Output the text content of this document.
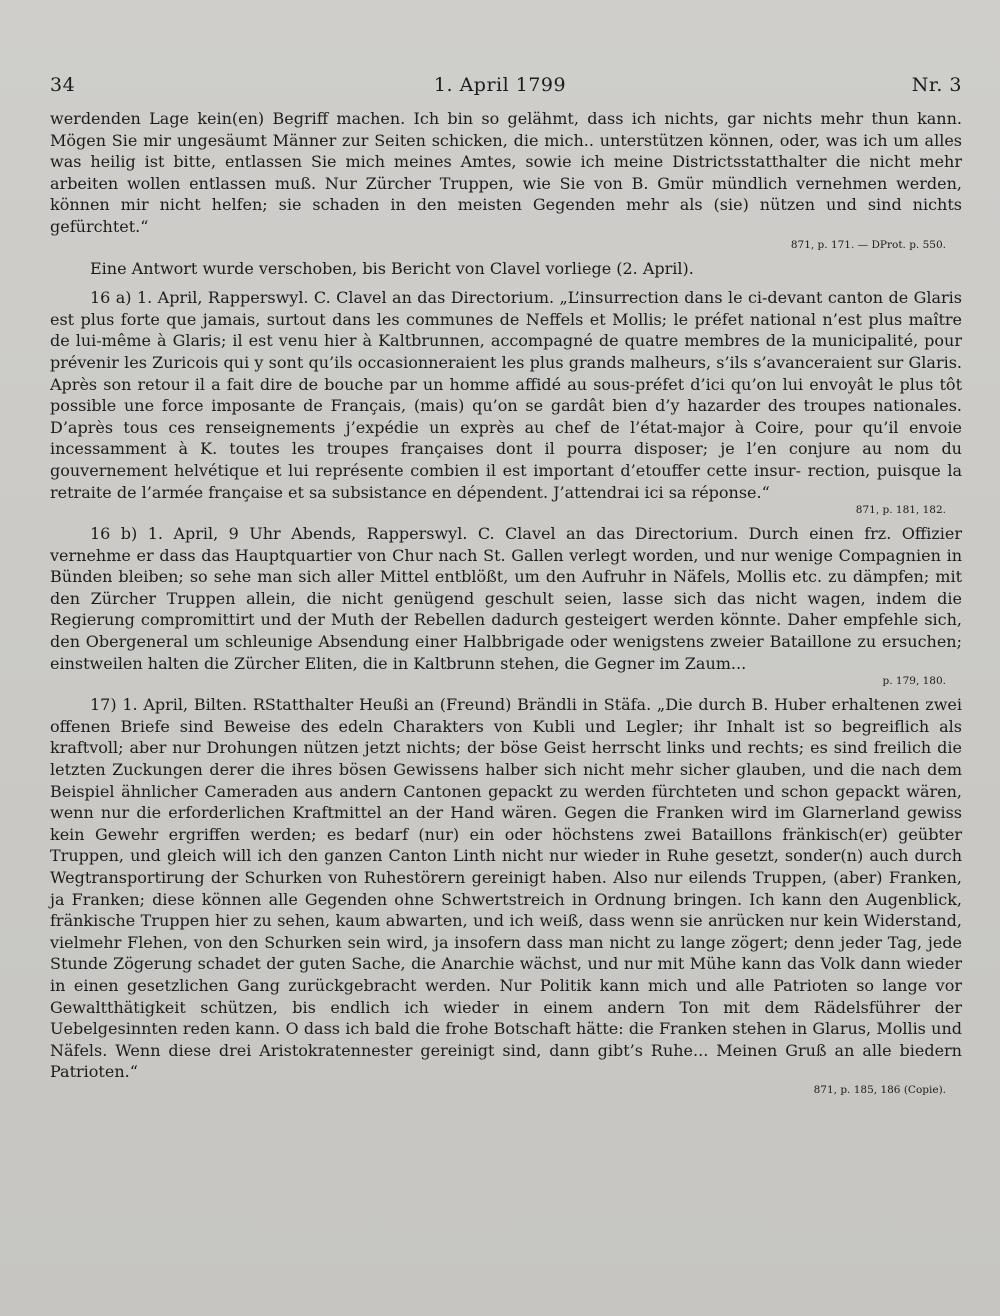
34	1. April 1799	Nr. 3
werdenden Lage kein(en) Begriff machen. Ich bin so gelähmt, dass ich nichts, gar nichts mehr thun kann. Mögen Sie mir ungesäumt Männer zur Seiten schicken, die mich.. unterstützen können, oder, was ich um alles was heilig ist bitte, entlassen Sie mich meines Amtes, sowie ich meine Districtsstatthalter die nicht mehr arbeiten wollen entlassen muß. Nur Zürcher Truppen, wie Sie von B. Gmür mündlich vernehmen werden, können mir nicht helfen; sie schaden in den meisten Gegenden mehr als (sie) nützen und sind nichts gefürchtet.“
871, p. 171. — DProt. p. 550.
Eine Antwort wurde verschoben, bis Bericht von Clavel vorliege (2. April).
16 a) 1. April, Rapperswyl. C. Clavel an das Directorium. „L’insurrection dans le ci-devant canton de Glaris est plus forte que jamais, surtout dans les communes de Neffels et Mollis; le préfet national n’est plus maître de lui-même à Glaris; il est venu hier à Kaltbrunnen, accompagné de quatre membres de la municipalité, pour prévenir les Zuricois qui y sont qu’ils occasionneraient les plus grands malheurs, s’ils s’avanceraient sur Glaris. Après son retour il a fait dire de bouche par un homme affidé au sous-préfet d’ici qu’on lui envoyât le plus tôt possible une force imposante de Français, (mais) qu’on se gardât bien d’y hazarder des troupes nationales. D’après tous ces renseignements j’expédie un exprès au chef de l’état-major à Coire, pour qu’il envoie incessamment à K. toutes les troupes françaises dont il pourra disposer; je l’en conjure au nom du gouvernement helvétique et lui représente combien il est important d’etouffer cette insur- rection, puisque la retraite de l’armée française et sa subsistance en dépendent. J’attendrai ici sa réponse.“
871, p. 181, 182.
16 b) 1. April, 9 Uhr Abends, Rapperswyl. C. Clavel an das Directorium. Durch einen frz. Offizier vernehme er dass das Hauptquartier von Chur nach St. Gallen verlegt worden, und nur wenige Compagnien in Bünden bleiben; so sehe man sich aller Mittel entblößt, um den Aufruhr in Näfels, Mollis etc. zu dämpfen; mit den Zürcher Truppen allein, die nicht genügend geschult seien, lasse sich das nicht wagen, indem die Regierung compromittirt und der Muth der Rebellen dadurch gesteigert werden könnte. Daher empfehle sich, den Obergeneral um schleunige Absendung einer Halbbrigade oder wenigstens zweier Bataillone zu ersuchen; einstweilen halten die Zürcher Eliten, die in Kaltbrunn stehen, die Gegner im Zaum...
p. 179, 180.
17) 1. April, Bilten. RStatthalter Heußi an (Freund) Brändli in Stäfa. „Die durch B. Huber erhaltenen zwei offenen Briefe sind Beweise des edeln Charakters von Kubli und Legler; ihr Inhalt ist so begreiflich als kraftvoll; aber nur Drohungen nützen jetzt nichts; der böse Geist herrscht links und rechts; es sind freilich die letzten Zuckungen derer die ihres bösen Gewissens halber sich nicht mehr sicher glauben, und die nach dem Beispiel ähnlicher Cameraden aus andern Cantonen gepackt zu werden fürchteten und schon gepackt wären, wenn nur die erforderlichen Kraftmittel an der Hand wären. Gegen die Franken wird im Glarnerland gewiss kein Gewehr ergriffen werden; es bedarf (nur) ein oder höchstens zwei Bataillons fränkisch(er) geübter Truppen, und gleich will ich den ganzen Canton Linth nicht nur wieder in Ruhe gesetzt, sonder(n) auch durch Wegtransportirung der Schurken von Ruhestörern gereinigt haben. Also nur eilends Truppen, (aber) Franken, ja Franken; diese können alle Gegenden ohne Schwertstreich in Ordnung bringen. Ich kann den Augenblick, fränkische Truppen hier zu sehen, kaum abwarten, und ich weiß, dass wenn sie anrücken nur kein Widerstand, vielmehr Flehen, von den Schurken sein wird, ja insofern dass man nicht zu lange zögert; denn jeder Tag, jede Stunde Zögerung schadet der guten Sache, die Anarchie wächst, und nur mit Mühe kann das Volk dann wieder in einen gesetzlichen Gang zurückgebracht werden. Nur Politik kann mich und alle Patrioten so lange vor Gewaltthätigkeit schützen, bis endlich ich wieder in einem andern Ton mit dem Rädelsführer der Uebelgesinnten reden kann. O dass ich bald die frohe Botschaft hätte: die Franken stehen in Glarus, Mollis und Näfels. Wenn diese drei Aristokratennester gereinigt sind, dann gibt’s Ruhe... Meinen Gruß an alle biedern Patrioten.“
871, p. 185, 186 (Copie).
